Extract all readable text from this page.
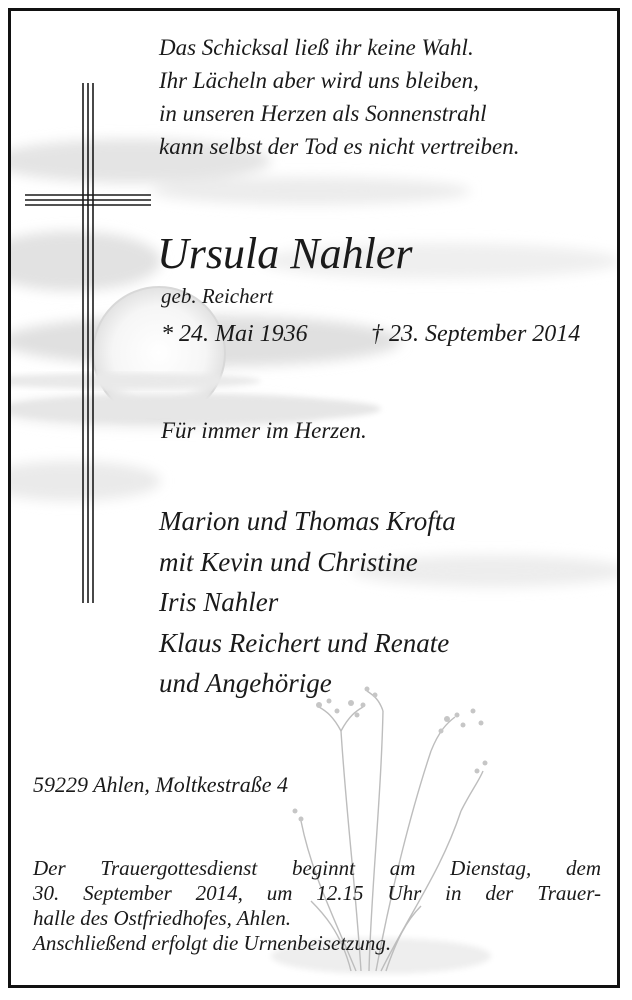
Das Schicksal ließ ihr keine Wahl.
Ihr Lächeln aber wird uns bleiben,
in unseren Herzen als Sonnenstrahl
kann selbst der Tod es nicht vertreiben.
Ursula Nahler
geb. Reichert
* 24. Mai 1936	† 23. September 2014
Für immer im Herzen.
Marion und Thomas Krofta
mit Kevin und Christine
Iris Nahler
Klaus Reichert und Renate
und Angehörige
59229 Ahlen, Moltkestraße 4
Der Trauergottesdienst beginnt am Dienstag, dem
30. September 2014, um 12.15 Uhr in der Trauer-
halle des Ostfriedhofes, Ahlen.
Anschließend erfolgt die Urnenbeisetzung.
